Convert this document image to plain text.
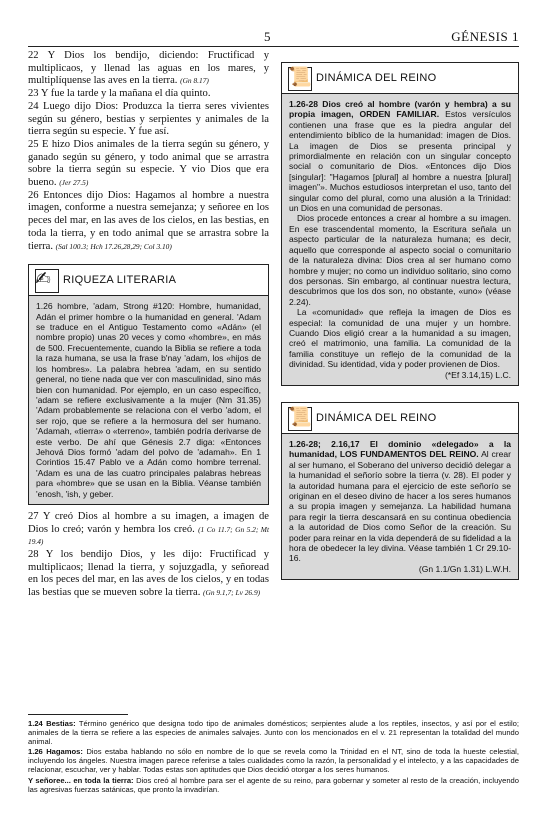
5	GÉNESIS 1

22 Y Dios los bendijo, diciendo: Fructificad y multiplicaos, y llenad las aguas en los mares, y multiplíquense las aves en la tierra. (Gn 8.17)

23 Y fue la tarde y la mañana el día quinto.

24 Luego dijo Dios: Produzca la tierra seres vivientes según su género, bestias y serpientes y animales de la tierra según su especie. Y fue así.

25 E hizo Dios animales de la tierra según su género, y ganado según su género, y todo animal que se arrastra sobre la tierra según su especie. Y vio Dios que era bueno. (Jer 27.5)

26 Entonces dijo Dios: Hagamos al hombre a nuestra imagen, conforme a nuestra semejanza; y señoree en los peces del mar, en las aves de los cielos, en las bestias, en toda la tierra, y en todo animal que se arrastra sobre la tierra. (Sal 100.3; Hch 17.26,28,29; Col 3.10)

✍ RIQUEZA LITERARIA

1.26 hombre, 'adam, Strong #120: Hombre, humanidad, Adán el primer hombre o la humanidad en general. 'Adam se traduce en el Antiguo Testamento como «Adán» (el nombre propio) unas 20 veces y como «hombre», en más de 500. Frecuentemente, cuando la Biblia se refiere a toda la raza humana, se usa la frase b'nay 'adam, los «hijos de los hombres». La palabra hebrea 'adam, en su sentido general, no tiene nada que ver con masculinidad, sino más bien con humanidad. Por ejemplo, en un caso específico, 'adam se refiere exclusivamente a la mujer (Nm 31.35) 'Adam probablemente se relaciona con el verbo 'adom, el ser rojo, que se refiere a la hermosura del ser humano. 'Adamah, «tierra» o «terreno», también podría derivarse de este verbo. De ahí que Génesis 2.7 diga: «Entonces Jehová Dios formó 'adam del polvo de 'adamah». En 1 Corintios 15.47 Pablo ve a Adán como hombre terrenal. 'Adam es una de las cuatro principales palabras hebreas para «hombre» que se usan en la Biblia. Véanse también 'enosh, 'ish, y geber.

27 Y creó Dios al hombre a su imagen, a imagen de Dios lo creó; varón y hembra los creó. (1 Co 11.7; Gn 5.2; Mt 19.4)

28 Y los bendijo Dios, y les dijo: Fructificad y multiplicaos; llenad la tierra, y sojuzgadla, y señoread en los peces del mar, en las aves de los cielos, y en todas las bestias que se mueven sobre la tierra. (Gn 9.1,7; Lv 26.9)

📜 DINÁMICA DEL REINO

1.26-28 Dios creó al hombre (varón y hembra) a su propia imagen, ORDEN FAMILIAR. Estos versículos contienen una frase que es la piedra angular del entendimiento bíblico de la humanidad: imagen de Dios. La imagen de Dios se presenta principal y primordialmente en relación con un singular concepto social o comunitario de Dios. «Entonces dijo Dios [singular]: "Hagamos [plural] al hombre a nuestra [plural] imagen"». Muchos estudiosos interpretan el uso, tanto del singular como del plural, como una alusión a la Trinidad: un Dios en una comunidad de personas.

Dios procede entonces a crear al hombre a su imagen. En ese trascendental momento, la Escritura señala un aspecto particular de la naturaleza humana; es decir, aquello que corresponde al aspecto social o comunitario de la naturaleza divina: Dios crea al ser humano como hombre y mujer; no como un individuo solitario, sino como dos personas. Sin embargo, al continuar nuestra lectura, descubrimos que los dos son, no obstante, «uno» (véase 2.24).

La «comunidad» que refleja la imagen de Dios es especial: la comunidad de una mujer y un hombre. Cuando Dios eligió crear a la humanidad a su imagen, creó el matrimonio, una familia. La comunidad de la familia constituye un reflejo de la comunidad de la divinidad. Su identidad, vida y poder provienen de Dios.

(*Ef 3.14,15) L.C.

📜 DINÁMICA DEL REINO

1.26-28; 2.16,17 El dominio «delegado» a la humanidad, LOS FUNDAMENTOS DEL REINO. Al crear al ser humano, el Soberano del universo decidió delegar a la humanidad el señorío sobre la tierra (v. 28). El poder y la autoridad humana para el ejercicio de este señorío se originan en el deseo divino de hacer a los seres humanos a su propia imagen y semejanza. La habilidad humana para regir la tierra descansará en su continua obediencia a la autoridad de Dios como Señor de la creación. Su poder para reinar en la vida dependerá de su fidelidad a la hora de obedecer la ley divina. Véase también 1 Cr 29.10-16.

(Gn 1.1/Gn 1.31) L.W.H.

1.24 Bestias: Término genérico que designa todo tipo de animales domésticos; serpientes alude a los reptiles, insectos, y así por el estilo; animales de la tierra se refiere a las especies de animales salvajes. Junto con los mencionados en el v. 21 representan la totalidad del mundo animal.

1.26 Hagamos: Dios estaba hablando no sólo en nombre de lo que se revela como la Trinidad en el NT, sino de toda la hueste celestial, incluyendo los ángeles. Nuestra imagen parece referirse a tales cualidades como la razón, la personalidad y el intelecto, y a las capacidades de relacionar, escuchar, ver y hablar. Todas estas son aptitudes que Dios decidió otorgar a los seres humanos.

Y señoree... en toda la tierra: Dios creó al hombre para ser el agente de su reino, para gobernar y someter al resto de la creación, incluyendo las agresivas fuerzas satánicas, que pronto la invadirían.
